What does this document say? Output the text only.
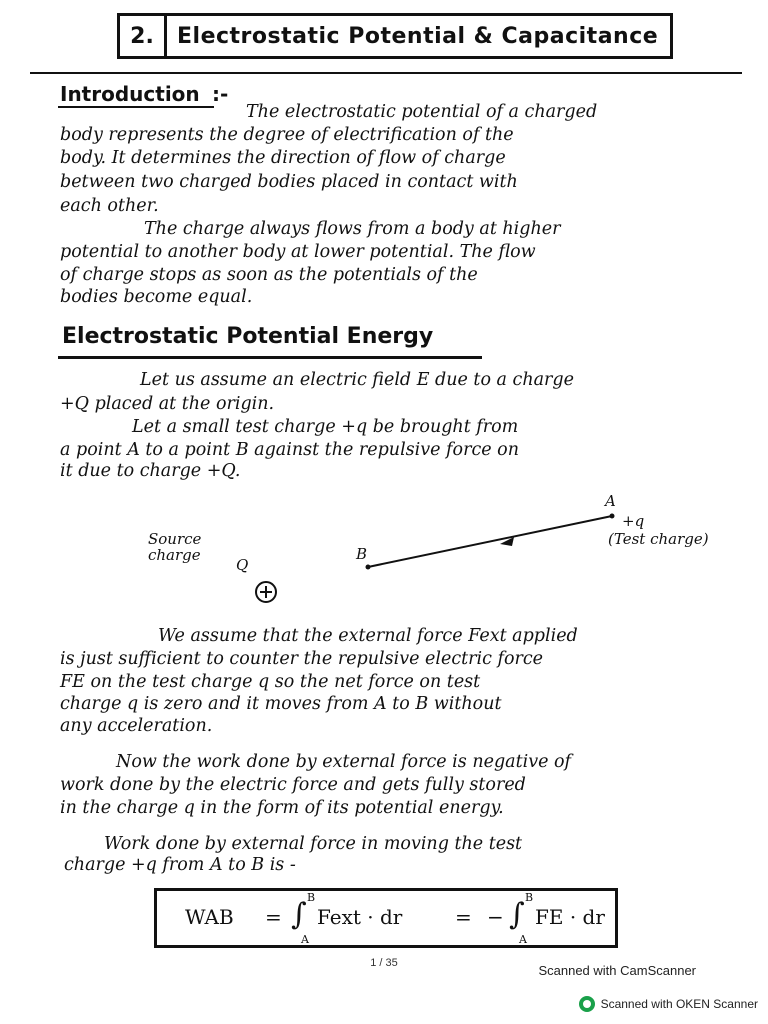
2.	Electrostatic Potential & Capacitance
Introduction :-
The electrostatic potential of a charged
body represents the degree of electrification of the
body. It determines the direction of flow of charge
between two charged bodies placed in contact with
each other.
The charge always flows from a body at higher
potential to another body at lower potential. The flow
of charge stops as soon as the potentials of the
bodies become equal.
Electrostatic Potential Energy
Let us assume an electric field E due to a charge
+Q placed at the origin.
Let a small test charge +q be brought from
a point A to a point B against the repulsive force on
it due to charge +Q.
Source
charge
Q
A
B
+q
(Test charge)
We assume that the external force Fext applied
is just sufficient to counter the repulsive electric force
FE on the test charge q so the net force on test
charge q is zero and it moves from A to B without
any acceleration.
Now the work done by external force is negative of
work done by the electric force and gets fully stored
in the charge q in the form of its potential energy.
Work done by external force in moving the test
charge +q from A to B is -
WAB = ∫ B
A
Fext · dr	= − ∫ B
A
FE · dr
1 / 35	Scanned with CamScanner
Scanned with OKEN Scanner
